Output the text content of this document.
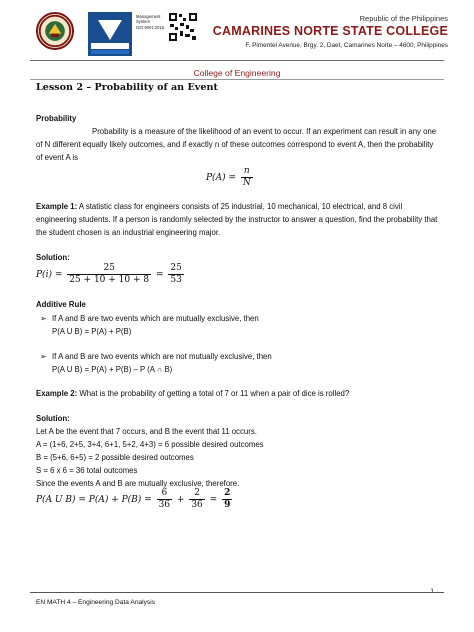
Management
System
ISO 9001:2015
Republic of the Philippines
CAMARINES NORTE STATE COLLEGE
F. Pimentel Avenue, Brgy. 2, Daet, Camarines Norte – 4600, Philippines
College of Engineering
Lesson 2 – Probability of an Event
Probability
Probability is a measure of the likelihood of an event to occur. If an experiment can result in any one of N different equally likely outcomes, and if exactly n of these outcomes correspond to event A, then the probability of event A is
$P(A) = \frac{n}{N}$
Example 1: A statistic class for engineers consists of 25 industrial, 10 mechanical, 10 electrical, and 8 civil engineering students. If a person is randomly selected by the instructor to answer a question, find the probability that the student chosen is an industrial engineering major.
Solution:
$P(i) = \frac{25}{25 + 10 + 10 + 8} = \frac{25}{53}$
Additive Rule
➢ If A and B are two events which are mutually exclusive, then
P(A U B) = P(A) + P(B)
➢ If A and B are two events which are not mutually exclusive, then
P(A U B) = P(A) + P(B) – P (A ∩ B)
Example 2: What is the probability of getting a total of 7 or 11 when a pair of dice is rolled?
Solution:
Let A be the event that 7 occurs, and B the event that 11 occurs.
A = (1+6, 2+5, 3+4, 6+1, 5+2, 4+3) = 6 possible desired outcomes
B = (5+6, 6+5) = 2 possible desired outcomes
S = 6 x 6 = 36 total outcomes
Since the events A and B are mutually exclusive, therefore.
P(A U $B) = P(A) + P(B) = \frac{6}{36} + \frac{2}{36} = \frac{2}{9}$
EN MATH 4 – Engineering Data Analysis
